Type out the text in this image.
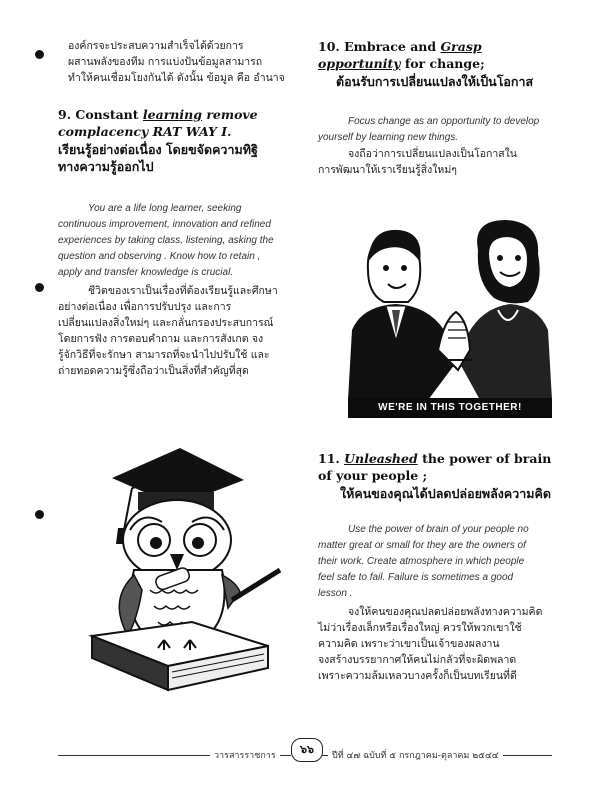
องค์กรจะประสบความสำเร็จได้ด้วยการ
ผสานพลังของทีม การแบ่งปันข้อมูลสามารถ
ทำให้คนเชื่อมโยงกันได้ ดังนั้น ข้อมูล คือ อำนาจ
9. Constant learning remove complacency RAT WAY I.
เรียนรู้อย่างต่อเนื่อง โดยขจัดความทิฐิ
ทางความรู้ออกไป
You are a life long learner, seeking
continuous improvement, innovation and refined
experiences by taking class, listening, asking the
question and observing . Know how to retain ,
apply and transfer knowledge is crucial.
ชีวิตของเราเป็นเรื่องที่ต้องเรียนรู้และศึกษา
อย่างต่อเนื่อง เพื่อการปรับปรุง และการ
เปลี่ยนแปลงสิ่งใหม่ๆ และกลั่นกรองประสบการณ์
โดยการฟัง การตอบคำถาม และการสังเกต จง
รู้จักวิธีที่จะรักษา สามารถที่จะนำไปปรับใช้ และ
ถ่ายทอดความรู้ซึ่งถือว่าเป็นสิ่งที่สำคัญที่สุด
10. Embrace and Grasp opportunity for change;
ต้อนรับการเปลี่ยนแปลงให้เป็นโอกาส
Focus change as an opportunity to develop
yourself by learning new things.
จงถือว่าการเปลี่ยนแปลงเป็นโอกาสใน
การพัฒนาให้เราเรียนรู้สิ่งใหม่ๆ
WE'RE IN THIS TOGETHER!
11. Unleashed the power of brain of your people ;
ให้คนของคุณได้ปลดปล่อยพลังความคิด
Use the power of brain of your people no
matter great or small for they are the owners of
their work. Create atmosphere in which people
feel safe to fail. Failure is sometimes a good
lesson .
จงให้คนของคุณปลดปล่อยพลังทางความคิด
ไม่ว่าเรื่องเล็กหรือเรื่องใหญ่ ควรให้พวกเขาใช้
ความคิด เพราะว่าเขาเป็นเจ้าของผลงาน
จงสร้างบรรยากาศให้คนไม่กลัวที่จะผิดพลาด
เพราะความล้มเหลวบางครั้งก็เป็นบทเรียนที่ดี
วารสารราชการ	๖๖	ปีที่ ๔๗ ฉบับที่ ๕ กรกฎาคม-ตุลาคม ๒๕๔๔
